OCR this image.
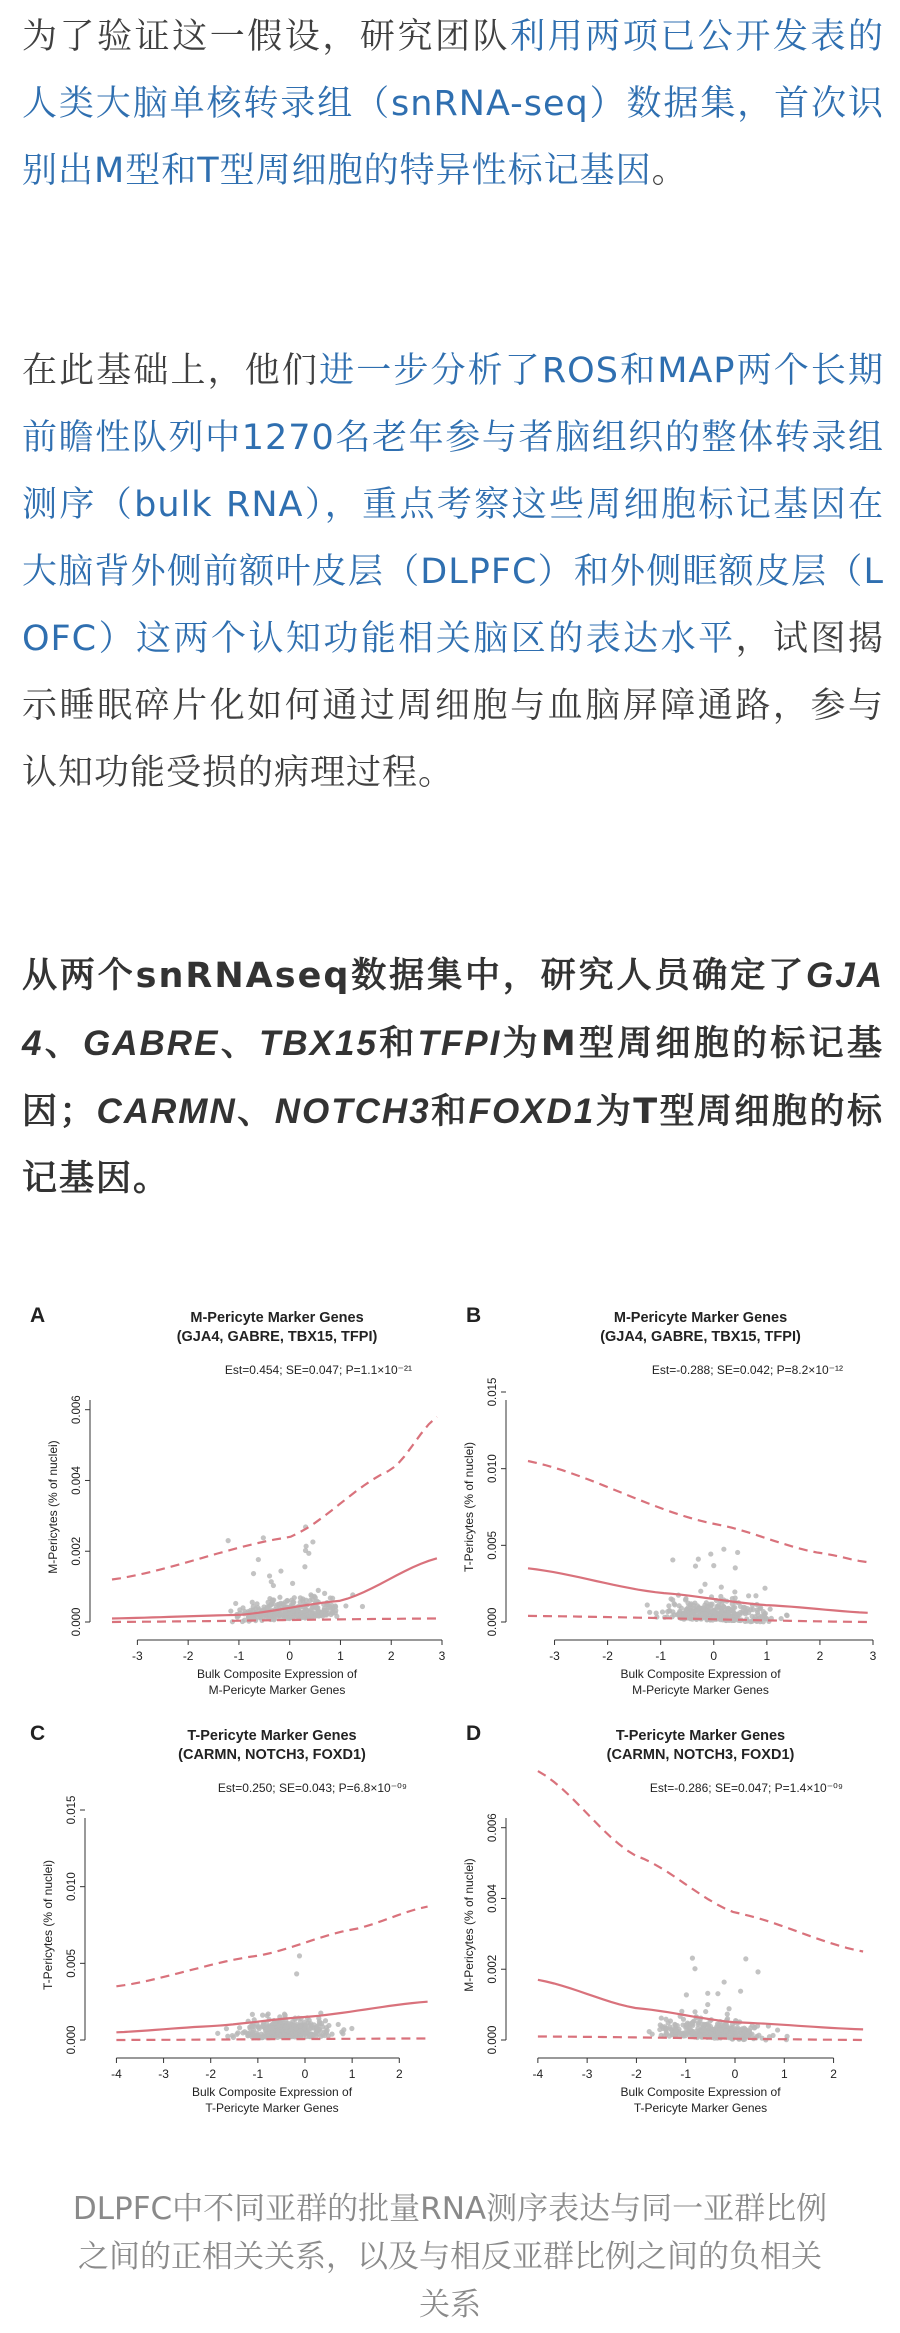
为了验证这一假设，研究团队利用两项已公开发表的人类大脑单核转录组（snRNA-seq）数据集，首次识别出M型和T型周细胞的特异性标记基因。

在此基础上，他们进一步分析了ROS和MAP两个长期前瞻性队列中1270名老年参与者脑组织的整体转录组测序（bulk RNA），重点考察这些周细胞标记基因在大脑背外侧前额叶皮层（DLPFC）和外侧眶额皮层（LOFC）这两个认知功能相关脑区的表达水平，试图揭示睡眠碎片化如何通过周细胞与血脑屏障通路，参与认知功能受损的病理过程。

从两个snRNAseq数据集中，研究人员确定了GJA4、GABRE、TBX15和TFPI为M型周细胞的标记基因；CARMN、NOTCH3和FOXD1为T型周细胞的标记基因。

A	M-Pericyte Marker Genes
(GJA4, GABRE, TBX15, TFPI)
Est=0.454; SE=0.047; P=1.1×10⁻²¹
0.000
0.002
0.004
0.006
M-Pericytes (% of nuclei)
-3	-2	-1	0	1	2	3
Bulk Composite Expression of
M-Pericyte Marker Genes
B	M-Pericyte Marker Genes
(GJA4, GABRE, TBX15, TFPI)
Est=-0.288; SE=0.042; P=8.2×10⁻¹²
0.000
0.005
0.010
0.015
T-Pericytes (% of nuclei)
-3	-2	-1	0	1	2	3
Bulk Composite Expression of
M-Pericyte Marker Genes
C	T-Pericyte Marker Genes
(CARMN, NOTCH3, FOXD1)
Est=0.250; SE=0.043; P=6.8×10⁻⁰⁹
0.000
0.005
0.010
0.015
T-Pericytes (% of nuclei)
-4	-3	-2	-1	0	1	2
Bulk Composite Expression of
T-Pericyte Marker Genes
D	T-Pericyte Marker Genes
(CARMN, NOTCH3, FOXD1)
Est=-0.286; SE=0.047; P=1.4×10⁻⁰⁹
0.000
0.002
0.004
0.006
M-Pericytes (% of nuclei)
-4	-3	-2	-1	0	1	2
Bulk Composite Expression of
T-Pericyte Marker Genes

DLPFC中不同亚群的批量RNA测序表达与同一亚群比例
之间的正相关关系，以及与相反亚群比例之间的负相关
关系
